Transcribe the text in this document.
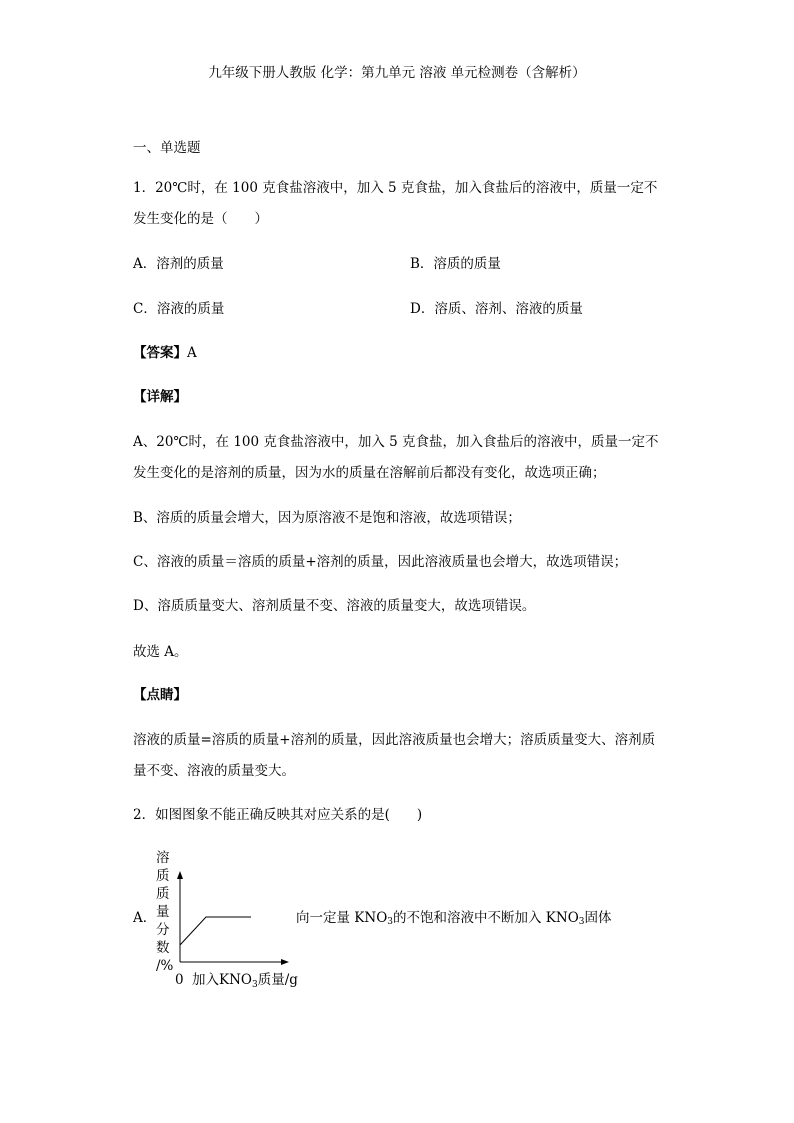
九年级下册人教版 化学：第九单元 溶液 单元检测卷（含解析）
一、单选题
1．20℃时，在 100 克食盐溶液中，加入 5 克食盐，加入食盐后的溶液中，质量一定不
发生变化的是（　　）
A．溶剂的质量	B．溶质的质量
C．溶液的质量	D．溶质、溶剂、溶液的质量
【答案】A
【详解】
A、20℃时，在 100 克食盐溶液中，加入 5 克食盐，加入食盐后的溶液中，质量一定不
发生变化的是溶剂的质量，因为水的质量在溶解前后都没有变化，故选项正确；
B、溶质的质量会增大，因为原溶液不是饱和溶液，故选项错误；
C、溶液的质量＝溶质的质量+溶剂的质量，因此溶液质量也会增大，故选项错误；
D、溶质质量变大、溶剂质量不变、溶液的质量变大，故选项错误。
故选 A。
【点睛】
溶液的质量=溶质的质量+溶剂的质量，因此溶液质量也会增大；溶质质量变大、溶剂质
量不变、溶液的质量变大。
2．如图图象不能正确反映其对应关系的是(　　)
A．
溶
质
质
量
分
数
/%
0 加入$KNO_3$质量/g
向一定量 $KNO_3$的不饱和溶液中不断加入 $KNO_3$固体
